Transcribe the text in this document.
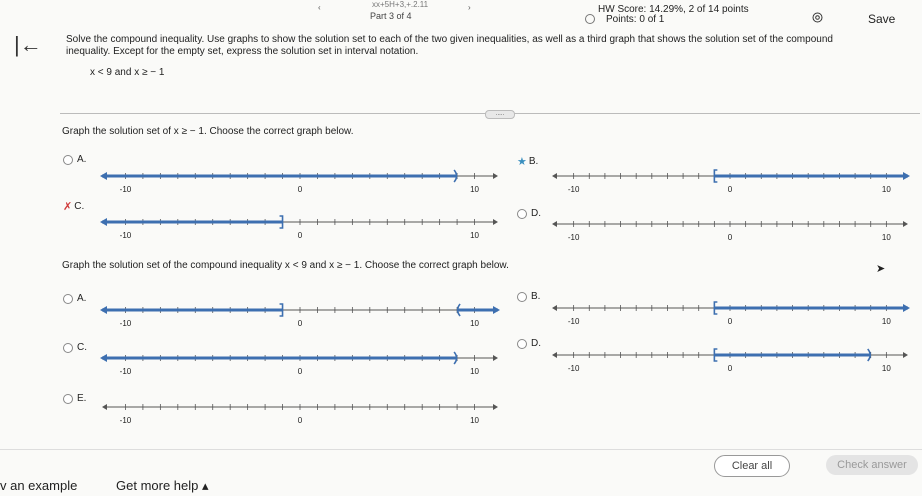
xx+5H+3,+.2.11
‹
Part 3 of 4
›	HW Score: 14.29%, 2 of 14 points
Points: 0 of 1	Save
|← Solve the compound inequality. Use graphs to show the solution set to each of the two given inequalities, as well as a third graph that shows the solution set of the compound
inequality. Except for the empty set, express the solution set in interval notation.
x < 9 and x ≥ − 1
.....
Graph the solution set of x ≥ − 1. Choose the correct graph below.
A.	★ B.
✗ C.
D.
-10	0	10	-10	0	10
-10	0	10	-10	0	10
Graph the solution set of the compound inequality x < 9 and x ≥ − 1. Choose the correct graph below.	➤
A.	B.
C.	D.
E.
-10	0	10	-10	0	10
-10	0	10	-10	0	10
-10	0	10
v an example	Get more help ▴
Clear all	Check answer
